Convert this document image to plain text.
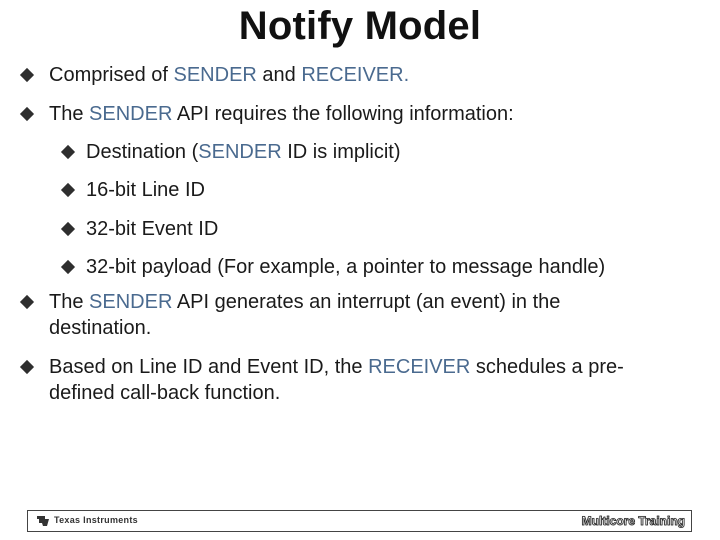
Notify Model
Comprised of SENDER and RECEIVER.
The SENDER API requires the following information:
Destination (SENDER ID is implicit)
16-bit Line ID
32-bit Event ID
32-bit payload (For example, a pointer to message handle)
The SENDER API generates an interrupt (an event) in the
destination.
Based on Line ID and Event ID, the RECEIVER schedules a pre-
defined call-back function.
Texas Instruments	Multicore Training
